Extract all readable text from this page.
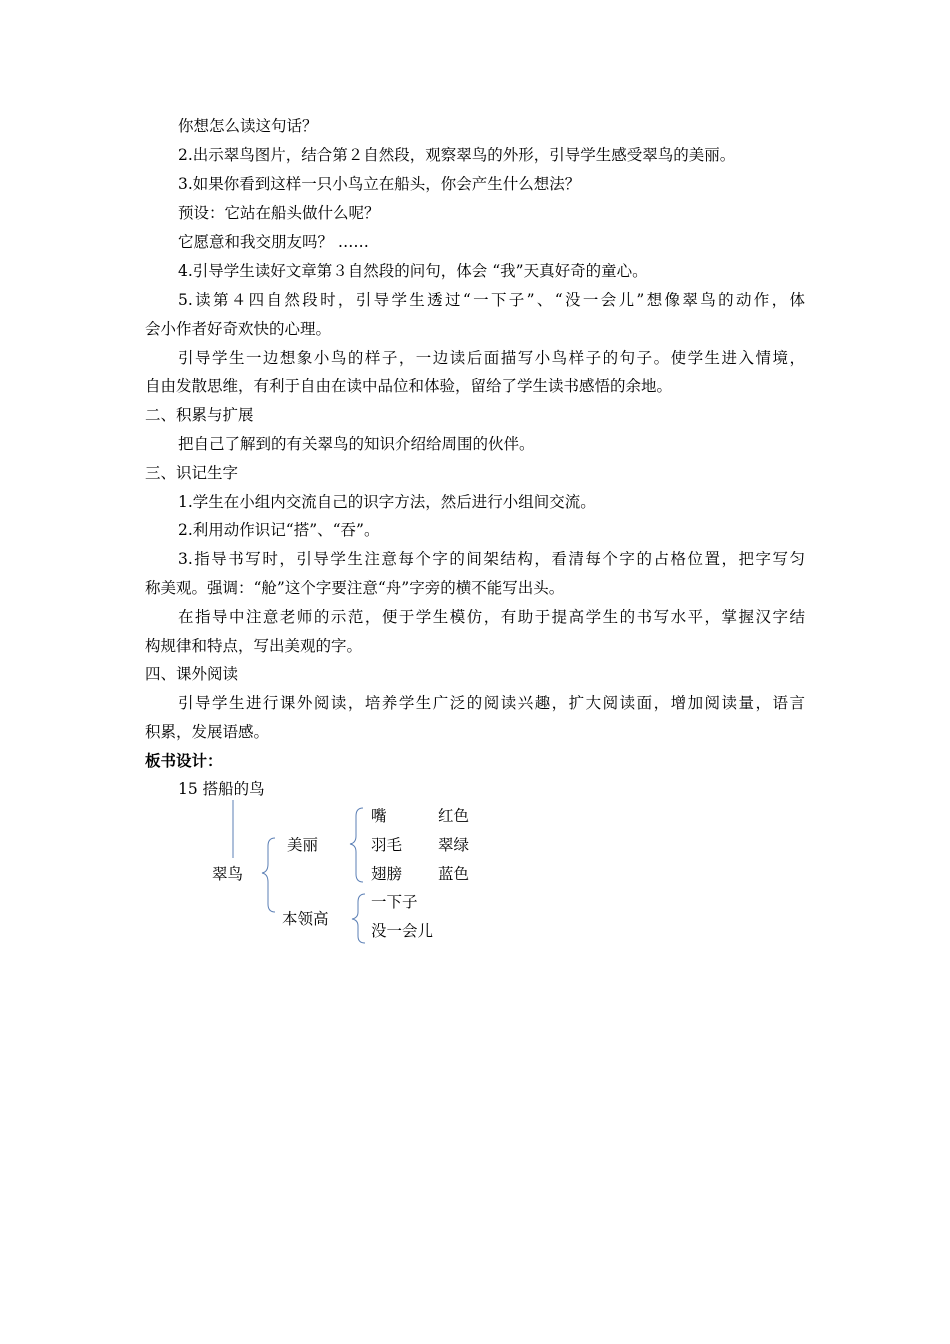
你想怎么读这句话？
2.出示翠鸟图片，结合第２自然段，观察翠鸟的外形，引导学生感受翠鸟的美丽。
3.如果你看到这样一只小鸟立在船头，你会产生什么想法？
预设：它站在船头做什么呢？
它愿意和我交朋友吗？ ……
4.引导学生读好文章第３自然段的问句，体会 “我”天真好奇的童心。
5.读第４四自然段时，引导学生透过“一下子”、“没一会儿”想像翠鸟的动作，体
会小作者好奇欢快的心理。
引导学生一边想象小鸟的样子，一边读后面描写小鸟样子的句子。使学生进入情境，
自由发散思维，有利于自由在读中品位和体验，留给了学生读书感悟的余地。
二、积累与扩展
把自己了解到的有关翠鸟的知识介绍给周围的伙伴。
三、识记生字
1.学生在小组内交流自己的识字方法，然后进行小组间交流。
2.利用动作识记“搭”、“吞”。
3.指导书写时，引导学生注意每个字的间架结构，看清每个字的占格位置，把字写匀
称美观。强调：“舱”这个字要注意“舟”字旁的横不能写出头。
在指导中注意老师的示范，便于学生模仿，有助于提高学生的书写水平，掌握汉字结
构规律和特点，写出美观的字。
四、课外阅读
引导学生进行课外阅读，培养学生广泛的阅读兴趣，扩大阅读面，增加阅读量，语言
积累，发展语感。
板书设计：
15 搭船的鸟
翠鸟
美丽
本领高
嘴	红色
羽毛 翠绿
翅膀 蓝色
一下子
没一会儿
